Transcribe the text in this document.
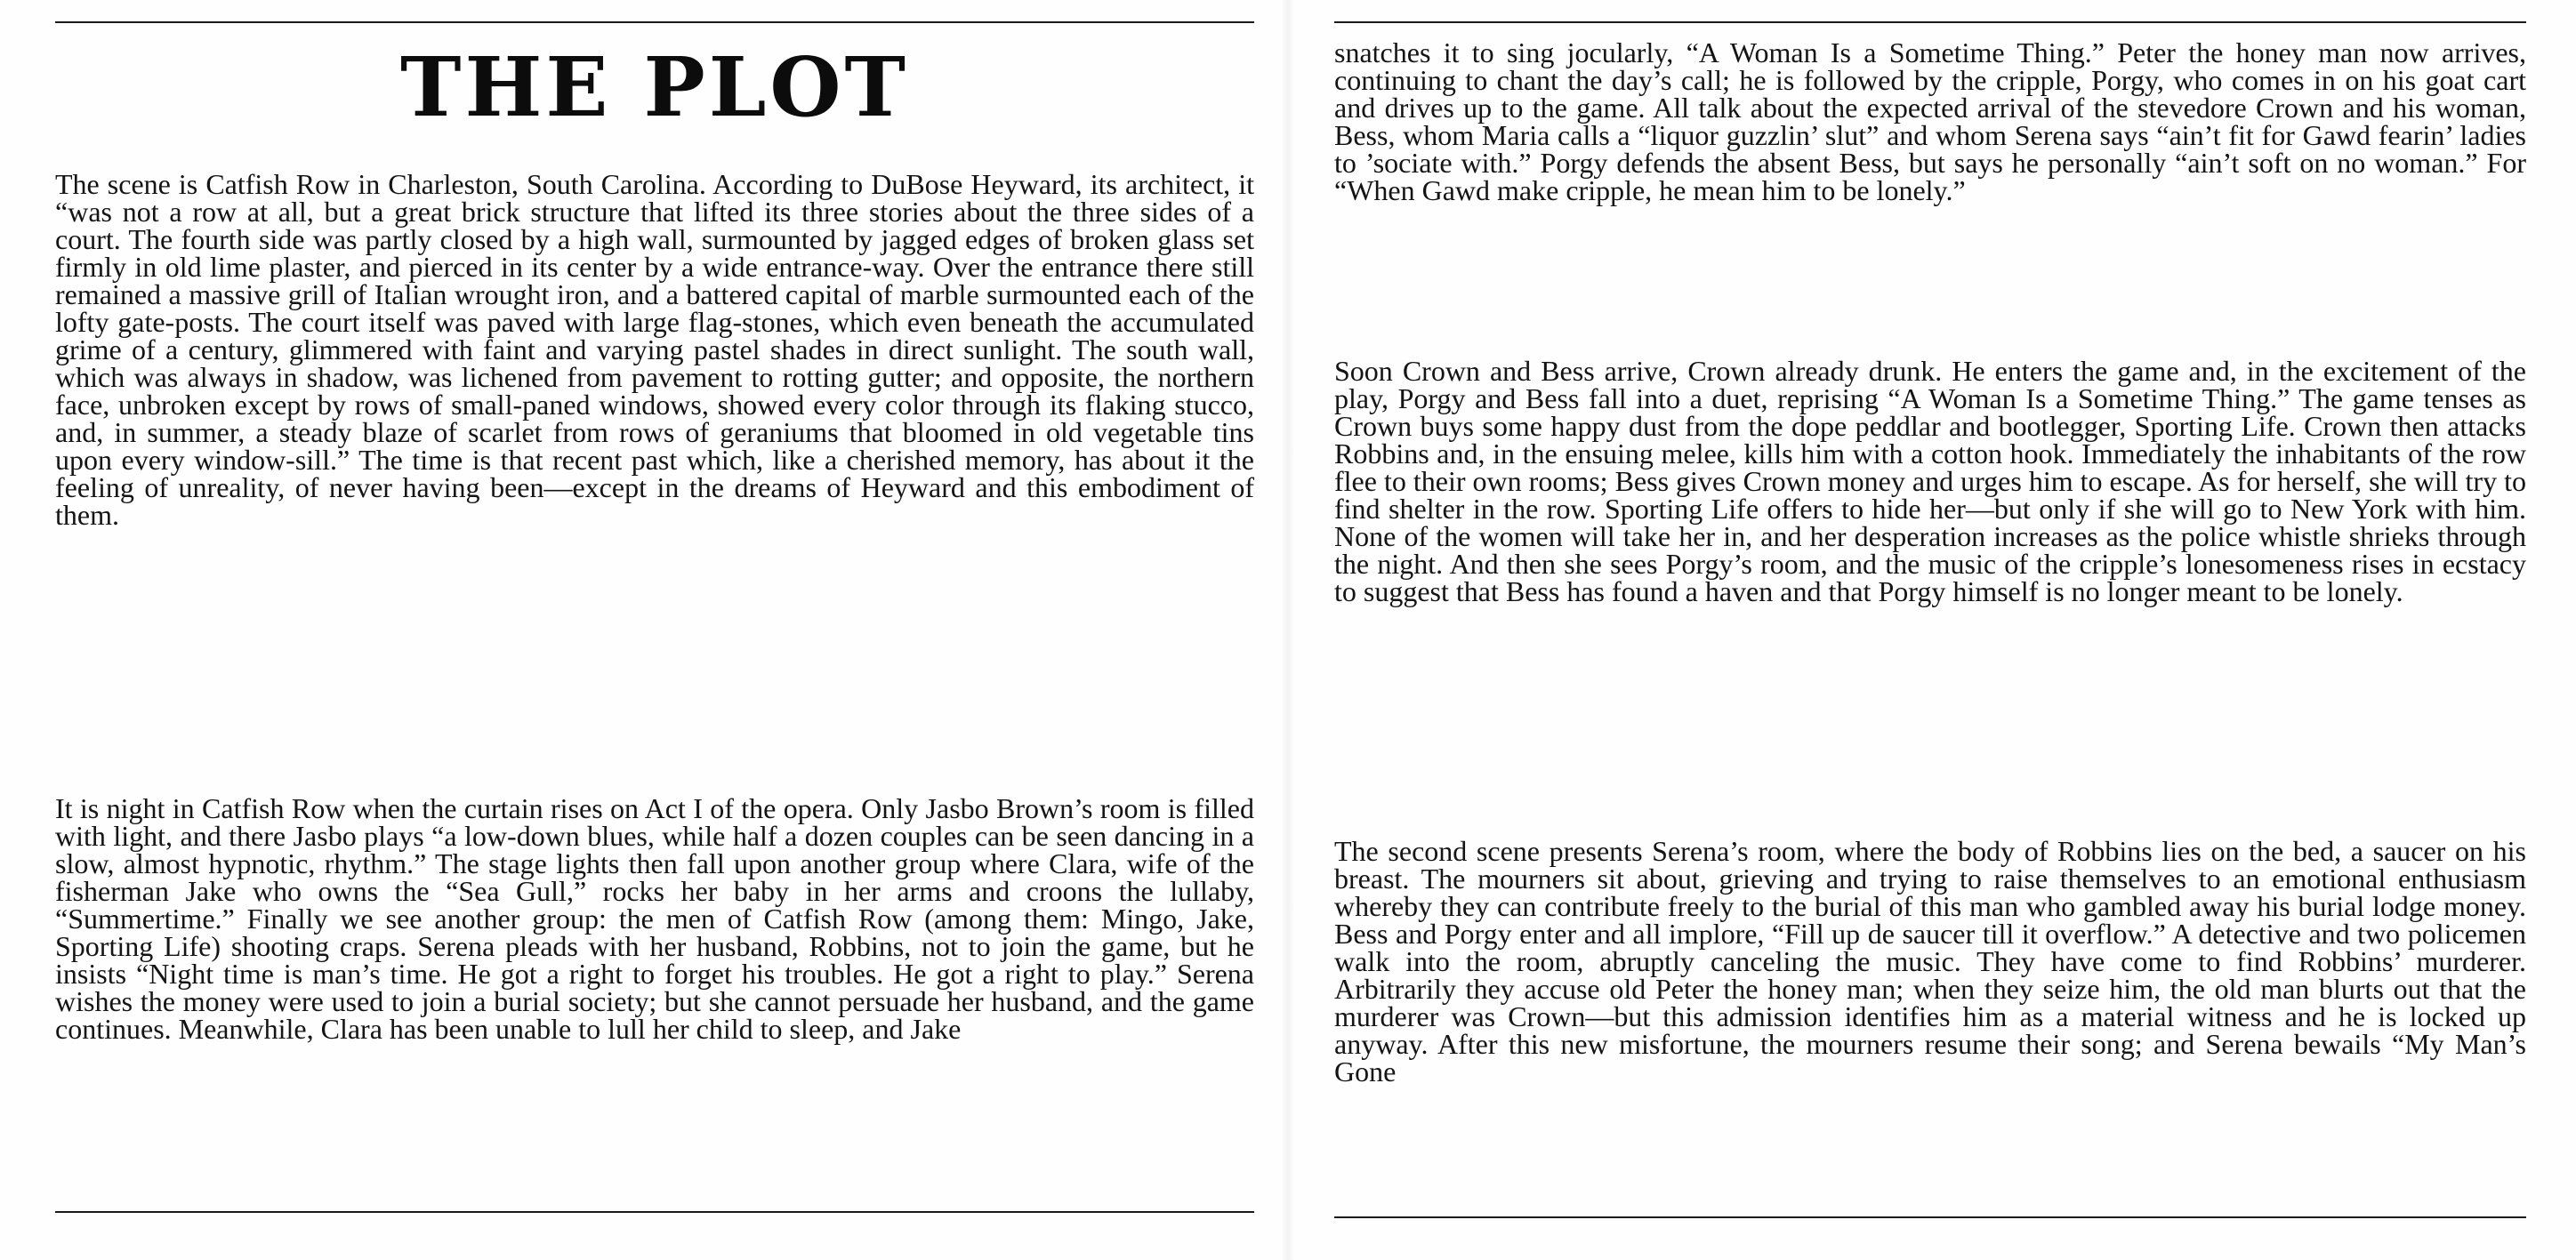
THE PLOT

The scene is Catfish Row in Charleston, South Carolina. According to DuBose Heyward, its architect, it “was not a row at all, but a great brick structure that lifted its three stories about the three sides of a court. The fourth side was partly closed by a high wall, surmounted by jagged edges of broken glass set firmly in old lime plaster, and pierced in its center by a wide entrance-way. Over the entrance there still remained a massive grill of Italian wrought iron, and a battered capital of marble surmounted each of the lofty gate-posts. The court itself was paved with large flag-stones, which even beneath the accumulated grime of a century, glimmered with faint and varying pastel shades in direct sunlight. The south wall, which was always in shadow, was lichened from pavement to rotting gutter; and opposite, the northern face, unbroken except by rows of small-paned windows, showed every color through its flaking stucco, and, in summer, a steady blaze of scarlet from rows of geraniums that bloomed in old vegetable tins upon every window-sill.” The time is that recent past which, like a cherished memory, has about it the feeling of unreality, of never having been—except in the dreams of Heyward and this embodiment of them.

It is night in Catfish Row when the curtain rises on Act I of the opera. Only Jasbo Brown’s room is filled with light, and there Jasbo plays “a low-down blues, while half a dozen couples can be seen dancing in a slow, almost hypnotic, rhythm.” The stage lights then fall upon another group where Clara, wife of the fisherman Jake who owns the “Sea Gull,” rocks her baby in her arms and croons the lullaby, “Summertime.” Finally we see another group: the men of Catfish Row (among them: Mingo, Jake, Sporting Life) shooting craps. Serena pleads with her husband, Robbins, not to join the game, but he insists “Night time is man’s time. He got a right to forget his troubles. He got a right to play.” Serena wishes the money were used to join a burial society; but she cannot persuade her husband, and the game continues. Meanwhile, Clara has been unable to lull her child to sleep, and Jake

snatches it to sing jocularly, “A Woman Is a Sometime Thing.” Peter the honey man now arrives, continuing to chant the day’s call; he is followed by the cripple, Porgy, who comes in on his goat cart and drives up to the game. All talk about the expected arrival of the stevedore Crown and his woman, Bess, whom Maria calls a “liquor guzzlin’ slut” and whom Serena says “ain’t fit for Gawd fearin’ ladies to ’sociate with.” Porgy defends the absent Bess, but says he personally “ain’t soft on no woman.” For “When Gawd make cripple, he mean him to be lonely.”

Soon Crown and Bess arrive, Crown already drunk. He enters the game and, in the excitement of the play, Porgy and Bess fall into a duet, reprising “A Woman Is a Sometime Thing.” The game tenses as Crown buys some happy dust from the dope peddlar and bootlegger, Sporting Life. Crown then attacks Robbins and, in the ensuing melee, kills him with a cotton hook. Immediately the inhabitants of the row flee to their own rooms; Bess gives Crown money and urges him to escape. As for herself, she will try to find shelter in the row. Sporting Life offers to hide her—but only if she will go to New York with him. None of the women will take her in, and her desperation increases as the police whistle shrieks through the night. And then she sees Porgy’s room, and the music of the cripple’s lonesomeness rises in ecstacy to suggest that Bess has found a haven and that Porgy himself is no longer meant to be lonely.

The second scene presents Serena’s room, where the body of Robbins lies on the bed, a saucer on his breast. The mourners sit about, grieving and trying to raise themselves to an emotional enthusiasm whereby they can contribute freely to the burial of this man who gambled away his burial lodge money. Bess and Porgy enter and all implore, “Fill up de saucer till it overflow.” A detective and two policemen walk into the room, abruptly canceling the music. They have come to find Robbins’ murderer. Arbitrarily they accuse old Peter the honey man; when they seize him, the old man blurts out that the murderer was Crown—but this admission identifies him as a material witness and he is locked up anyway. After this new misfortune, the mourners resume their song; and Serena bewails “My Man’s Gone
